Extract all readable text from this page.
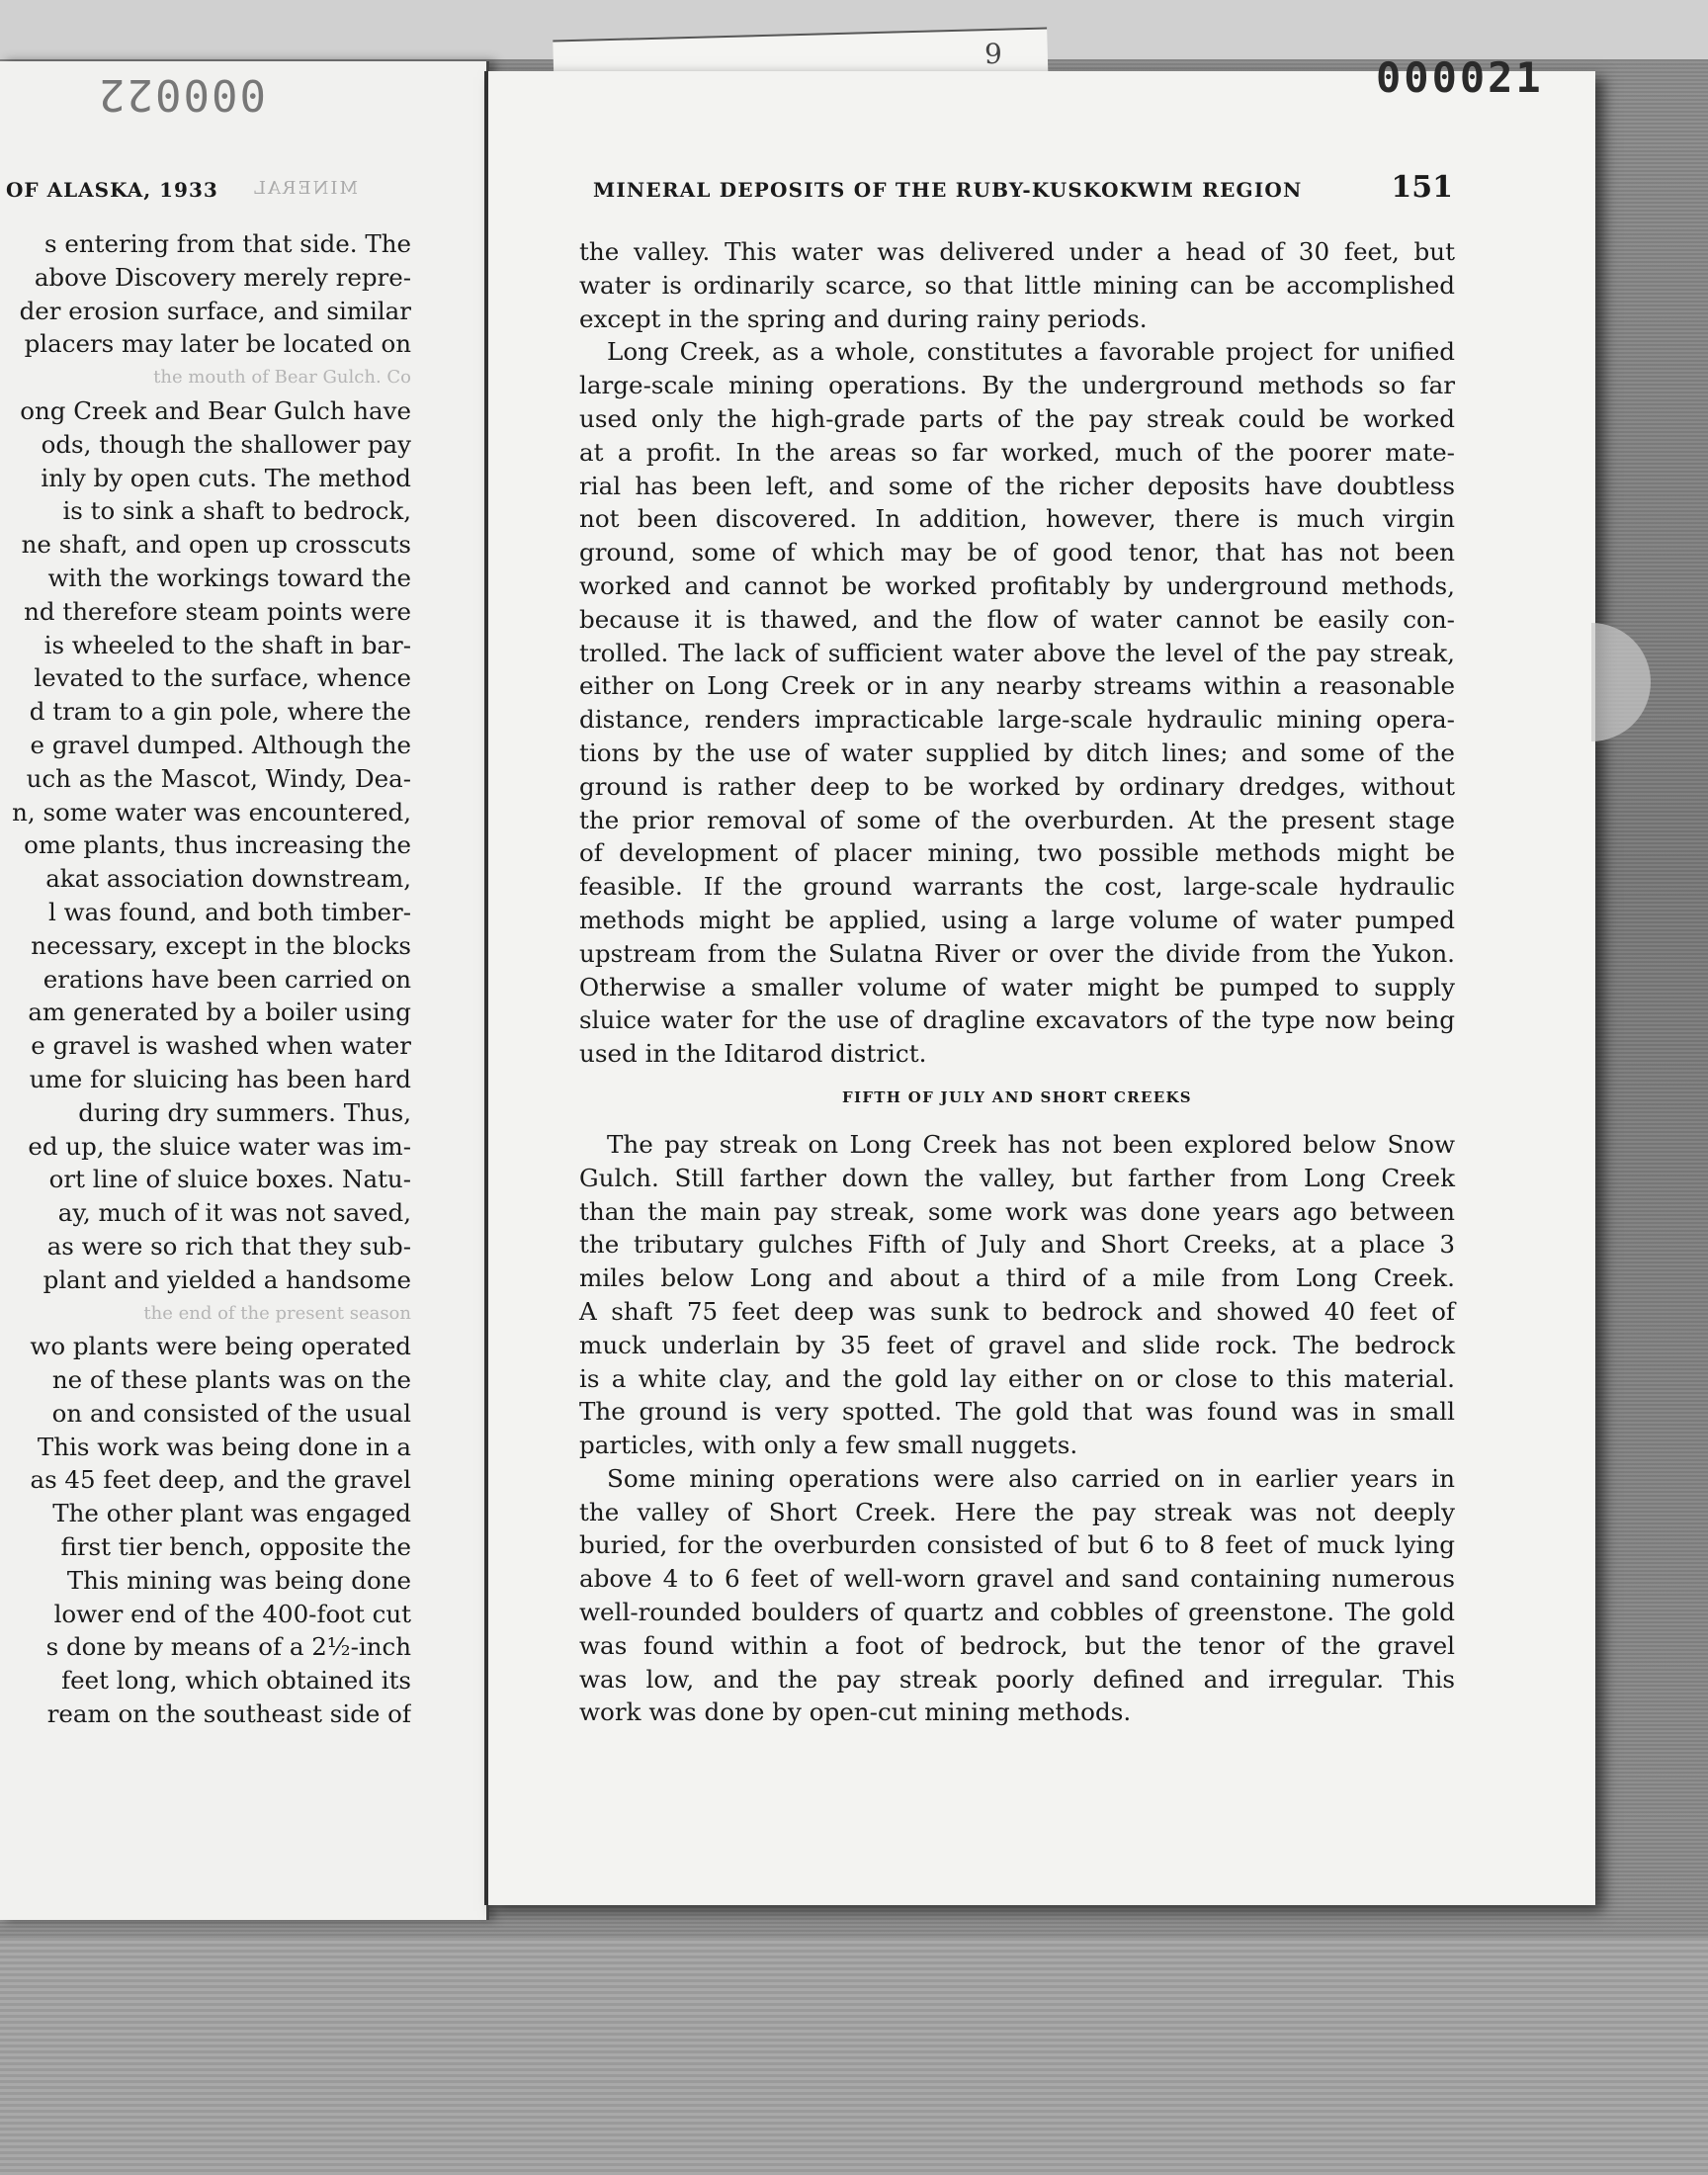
000022
OF ALASKA, 1933 MINERAL
s entering from that side. The
above Discovery merely repre-
der erosion surface, and similar
placers may later be located on
the mouth of Bear Gulch. Co
ong Creek and Bear Gulch have
ods, though the shallower pay
inly by open cuts. The method
is to sink a shaft to bedrock,
ne shaft, and open up crosscuts
with the workings toward the
nd therefore steam points were
is wheeled to the shaft in bar-
levated to the surface, whence
d tram to a gin pole, where the
e gravel dumped. Although the
uch as the Mascot, Windy, Dea-
n, some water was encountered,
ome plants, thus increasing the
akat association downstream,
l was found, and both timber-
necessary, except in the blocks
erations have been carried on
am generated by a boiler using
e gravel is washed when water
ume for sluicing has been hard
during dry summers. Thus,
ed up, the sluice water was im-
ort line of sluice boxes. Natu-
ay, much of it was not saved,
as were so rich that they sub-
plant and yielded a handsome
the end of the present season
wo plants were being operated
ne of these plants was on the
on and consisted of the usual
This work was being done in a
as 45 feet deep, and the gravel
The other plant was engaged
first tier bench, opposite the
This mining was being done
lower end of the 400-foot cut
s done by means of a 2½-inch
feet long, which obtained its
ream on the southeast side of
9	000021
MINERAL DEPOSITS OF THE RUBY-KUSKOKWIM REGION	151
the valley. This water was delivered under a head of 30 feet, but
water is ordinarily scarce, so that little mining can be accomplished
except in the spring and during rainy periods.
Long Creek, as a whole, constitutes a favorable project for unified
large-scale mining operations. By the underground methods so far
used only the high-grade parts of the pay streak could be worked
at a profit. In the areas so far worked, much of the poorer mate-
rial has been left, and some of the richer deposits have doubtless
not been discovered. In addition, however, there is much virgin
ground, some of which may be of good tenor, that has not been
worked and cannot be worked profitably by underground methods,
because it is thawed, and the flow of water cannot be easily con-
trolled. The lack of sufficient water above the level of the pay streak,
either on Long Creek or in any nearby streams within a reasonable
distance, renders impracticable large-scale hydraulic mining opera-
tions by the use of water supplied by ditch lines; and some of the
ground is rather deep to be worked by ordinary dredges, without
the prior removal of some of the overburden. At the present stage
of development of placer mining, two possible methods might be
feasible. If the ground warrants the cost, large-scale hydraulic
methods might be applied, using a large volume of water pumped
upstream from the Sulatna River or over the divide from the Yukon.
Otherwise a smaller volume of water might be pumped to supply
sluice water for the use of dragline excavators of the type now being
used in the Iditarod district.
FIFTH OF JULY AND SHORT CREEKS
The pay streak on Long Creek has not been explored below Snow
Gulch. Still farther down the valley, but farther from Long Creek
than the main pay streak, some work was done years ago between
the tributary gulches Fifth of July and Short Creeks, at a place 3
miles below Long and about a third of a mile from Long Creek.
A shaft 75 feet deep was sunk to bedrock and showed 40 feet of
muck underlain by 35 feet of gravel and slide rock. The bedrock
is a white clay, and the gold lay either on or close to this material.
The ground is very spotted. The gold that was found was in small
particles, with only a few small nuggets.
Some mining operations were also carried on in earlier years in
the valley of Short Creek. Here the pay streak was not deeply
buried, for the overburden consisted of but 6 to 8 feet of muck lying
above 4 to 6 feet of well-worn gravel and sand containing numerous
well-rounded boulders of quartz and cobbles of greenstone. The gold
was found within a foot of bedrock, but the tenor of the gravel
was low, and the pay streak poorly defined and irregular. This
work was done by open-cut mining methods.
